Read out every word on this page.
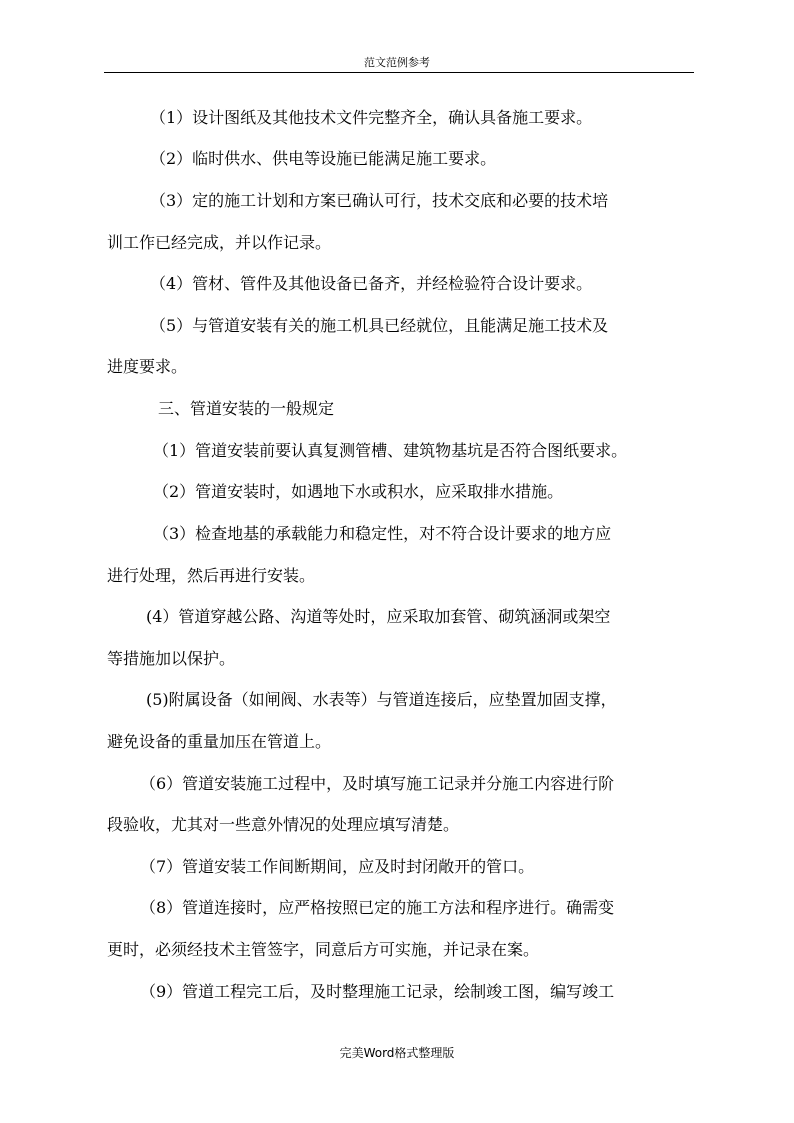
范文范例参考
（1）设计图纸及其他技术文件完整齐全，确认具备施工要求。
（2）临时供水、供电等设施已能满足施工要求。
（3）定的施工计划和方案已确认可行，技术交底和必要的技术培
训工作已经完成，并以作记录。
（4）管材、管件及其他设备已备齐，并经检验符合设计要求。
（5）与管道安装有关的施工机具已经就位，且能满足施工技术及
进度要求。
三、管道安装的一般规定
（1）管道安装前要认真复测管槽、建筑物基坑是否符合图纸要求。
（2）管道安装时，如遇地下水或积水，应采取排水措施。
（3）检查地基的承载能力和稳定性，对不符合设计要求的地方应
进行处理，然后再进行安装。
(4）管道穿越公路、沟道等处时，应采取加套管、砌筑涵洞或架空
等措施加以保护。
(5)附属设备（如闸阀、水表等）与管道连接后，应垫置加固支撑，
避免设备的重量加压在管道上。
（6）管道安装施工过程中，及时填写施工记录并分施工内容进行阶
段验收，尤其对一些意外情况的处理应填写清楚。
（7）管道安装工作间断期间，应及时封闭敞开的管口。
（8）管道连接时，应严格按照已定的施工方法和程序进行。确需变
更时，必须经技术主管签字，同意后方可实施，并记录在案。
（9）管道工程完工后，及时整理施工记录，绘制竣工图，编写竣工
完美Word格式整理版
